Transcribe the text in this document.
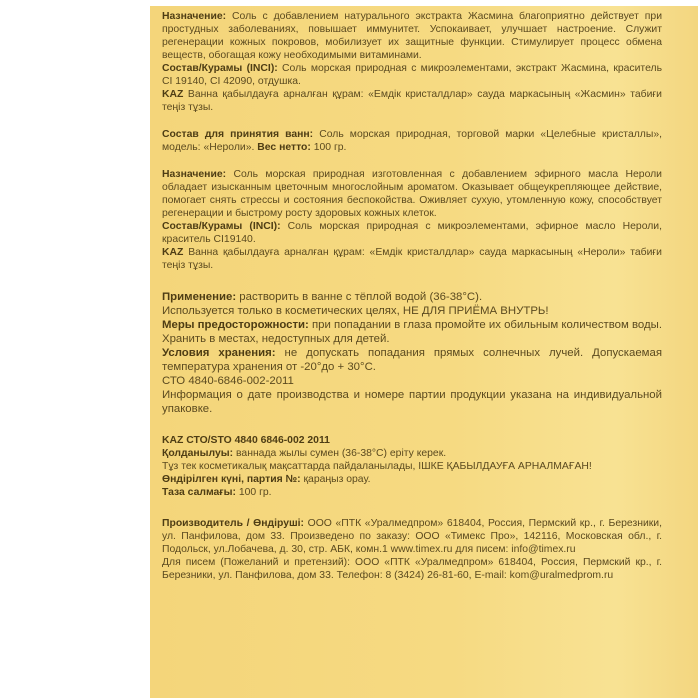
Назначение: Соль с добавлением натурального экстракта Жасмина благоприятно действует при простудных заболеваниях, повышает иммунитет. Успокаивает, улучшает настроение. Служит регенерации кожных покровов, мобилизует их защитные функции. Стимулирует процесс обмена веществ, обогащая кожу необходимыми витаминами.

Состав/Курамы (INCI): Соль морская природная с микроэлементами, экстракт Жасмина, краситель CI 19140, CI 42090, отдушка.

KAZ Ванна қабылдауға арналған құрам: «Емдік кристалдлар» сауда маркасының «Жасмин» табиғи теңіз тұзы.

Состав для принятия ванн: Соль морская природная, торговой марки «Целебные кристаллы», модель: «Нероли». Вес нетто: 100 гр.

Назначение: Соль морская природная изготовленная с добавлением эфирного масла Нероли обладает изысканным цветочным многослойным ароматом. Оказывает общеукрепляющее действие, помогает снять стрессы и состояния беспокойства. Оживляет сухую, утомленную кожу, способствует регенерации и быстрому росту здоровых кожных клеток.

Состав/Курамы (INCI): Соль морская природная с микроэлементами, эфирное масло Нероли, краситель CI19140.

KAZ Ванна қабылдауға арналған құрам: «Емдік кристалдлар» сауда маркасының «Нероли» табиғи теңіз тұзы.

Применение: растворить в ванне с тёплой водой (36-38°С).

Используется только в косметических целях, НЕ ДЛЯ ПРИЁМА ВНУТРЬ!

Меры предосторожности: при попадании в глаза промойте их обильным количеством воды. Хранить в местах, недоступных для детей.

Условия хранения: не допускать попадания прямых солнечных лучей. Допускаемая температура хранения от -20°до + 30°С.

СТО 4840-6846-002-2011

Информация о дате производства и номере партии продукции указана на индивидуальной упаковке.

KAZ СТО/STO 4840 6846-002 2011

Қолданылуы: ваннада жылы сумен (36-38°С) ерiту керек.

Тұз тек косметикалық мақсаттарда пайдаланылады, IШКЕ ҚАБЫЛДАУҒА АРНАЛМАҒАН!

Өндiрiлген күнi, партия №: қараңыз орау.

Таза салмағы: 100 гр.

Производитель / Өндiрушi: ООО «ПТК «Уралмедпром» 618404, Россия, Пермский кр., г. Березники, ул. Панфилова, дом 33. Произведено по заказу: ООО «Тимекс Про», 142116, Московская обл., г. Подольск, ул.Лобачева, д. 30, стр. АБК, комн.1 www.timex.ru для писем: info@timex.ru

Для писем (Пожеланий и претензий): ООО «ПТК «Уралмедпром» 618404, Россия, Пермский кр., г. Березники, ул. Панфилова, дом 33. Телефон: 8 (3424) 26-81-60, E-mail: kom@uralmedprom.ru
